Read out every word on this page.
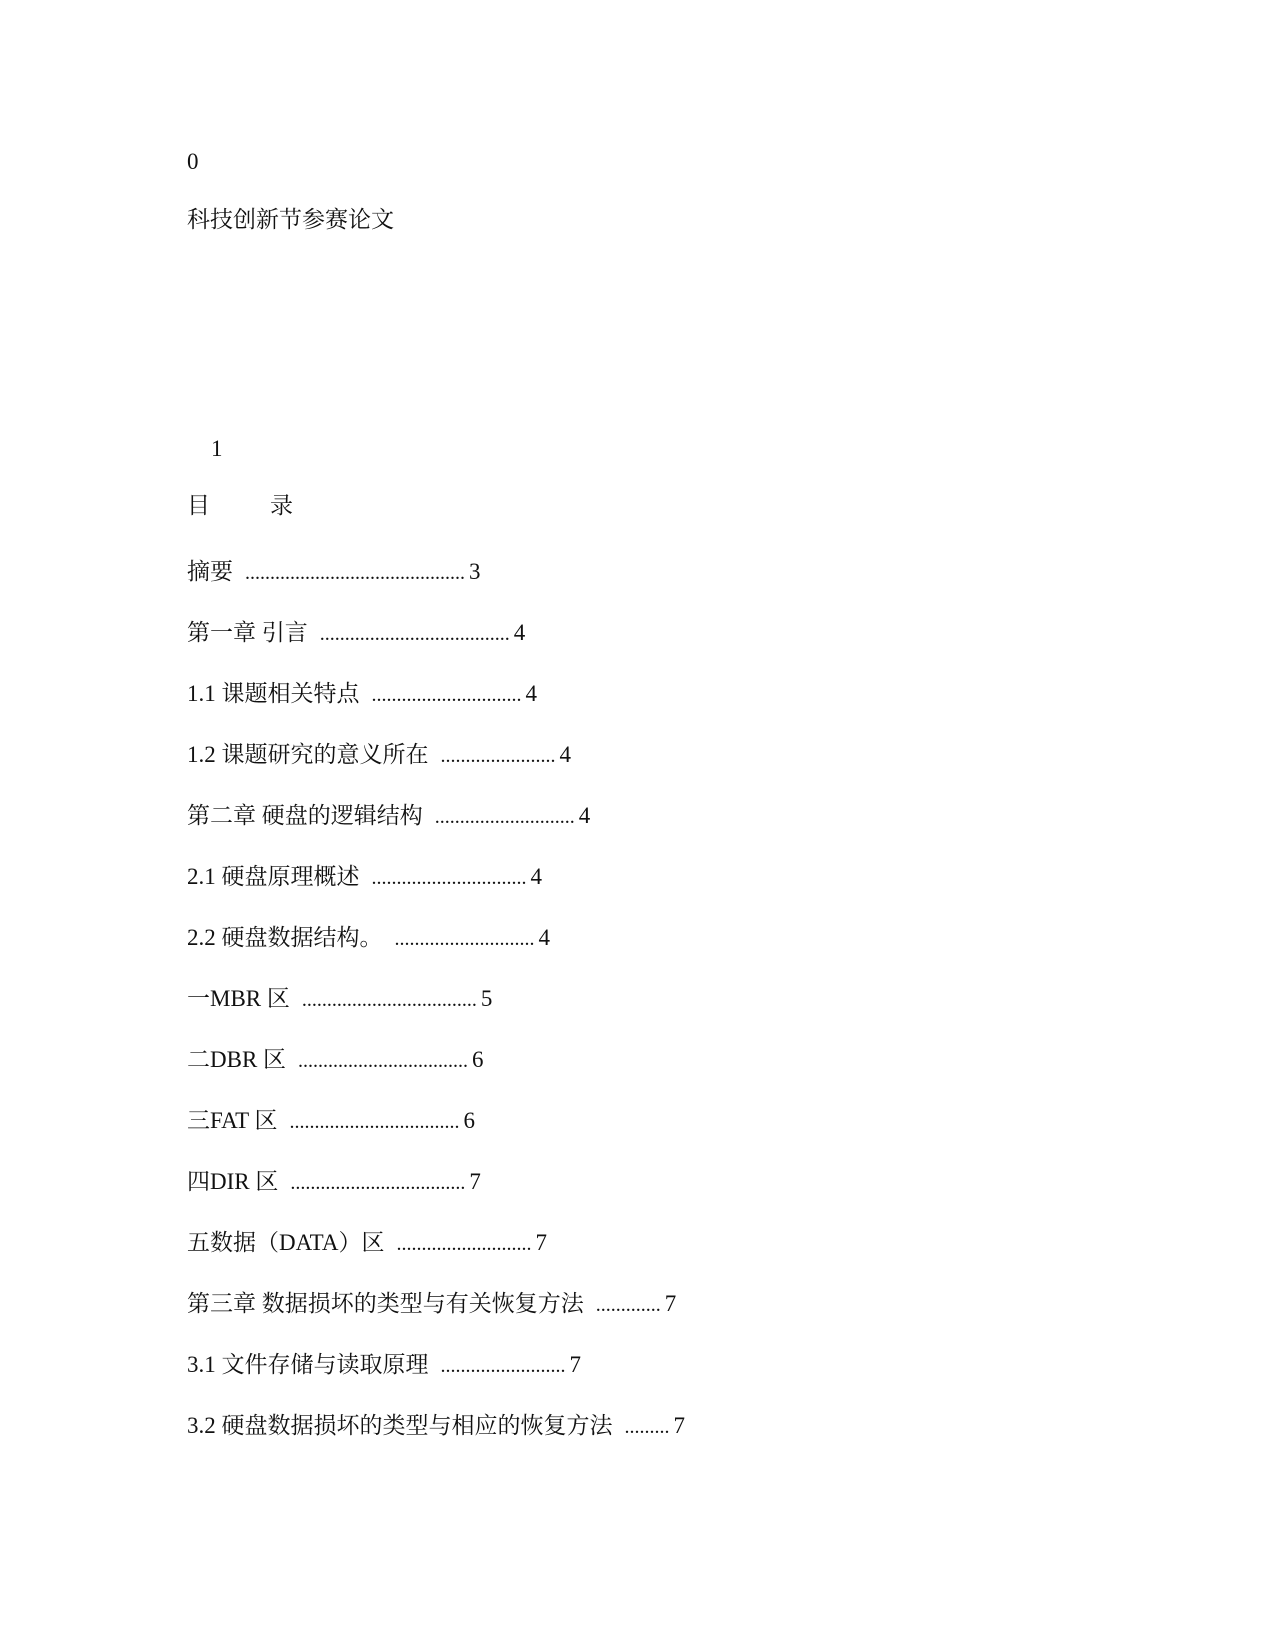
0
科技创新节参赛论文
1
目	录
摘要 ............................................ 3
第一章 引言 ...................................... 4
1.1 课题相关特点 .............................. 4
1.2 课题研究的意义所在 ....................... 4
第二章 硬盘的逻辑结构 ............................ 4
2.1 硬盘原理概述 ............................... 4
2.2 硬盘数据结构。 ............................ 4
一MBR 区 ................................... 5
二DBR 区 .................................. 6
三FAT 区 .................................. 6
四DIR 区 ................................... 7
五数据（DATA）区 ........................... 7
第三章 数据损坏的类型与有关恢复方法 ............. 7
3.1 文件存储与读取原理 ......................... 7
3.2 硬盘数据损坏的类型与相应的恢复方法 ......... 7
